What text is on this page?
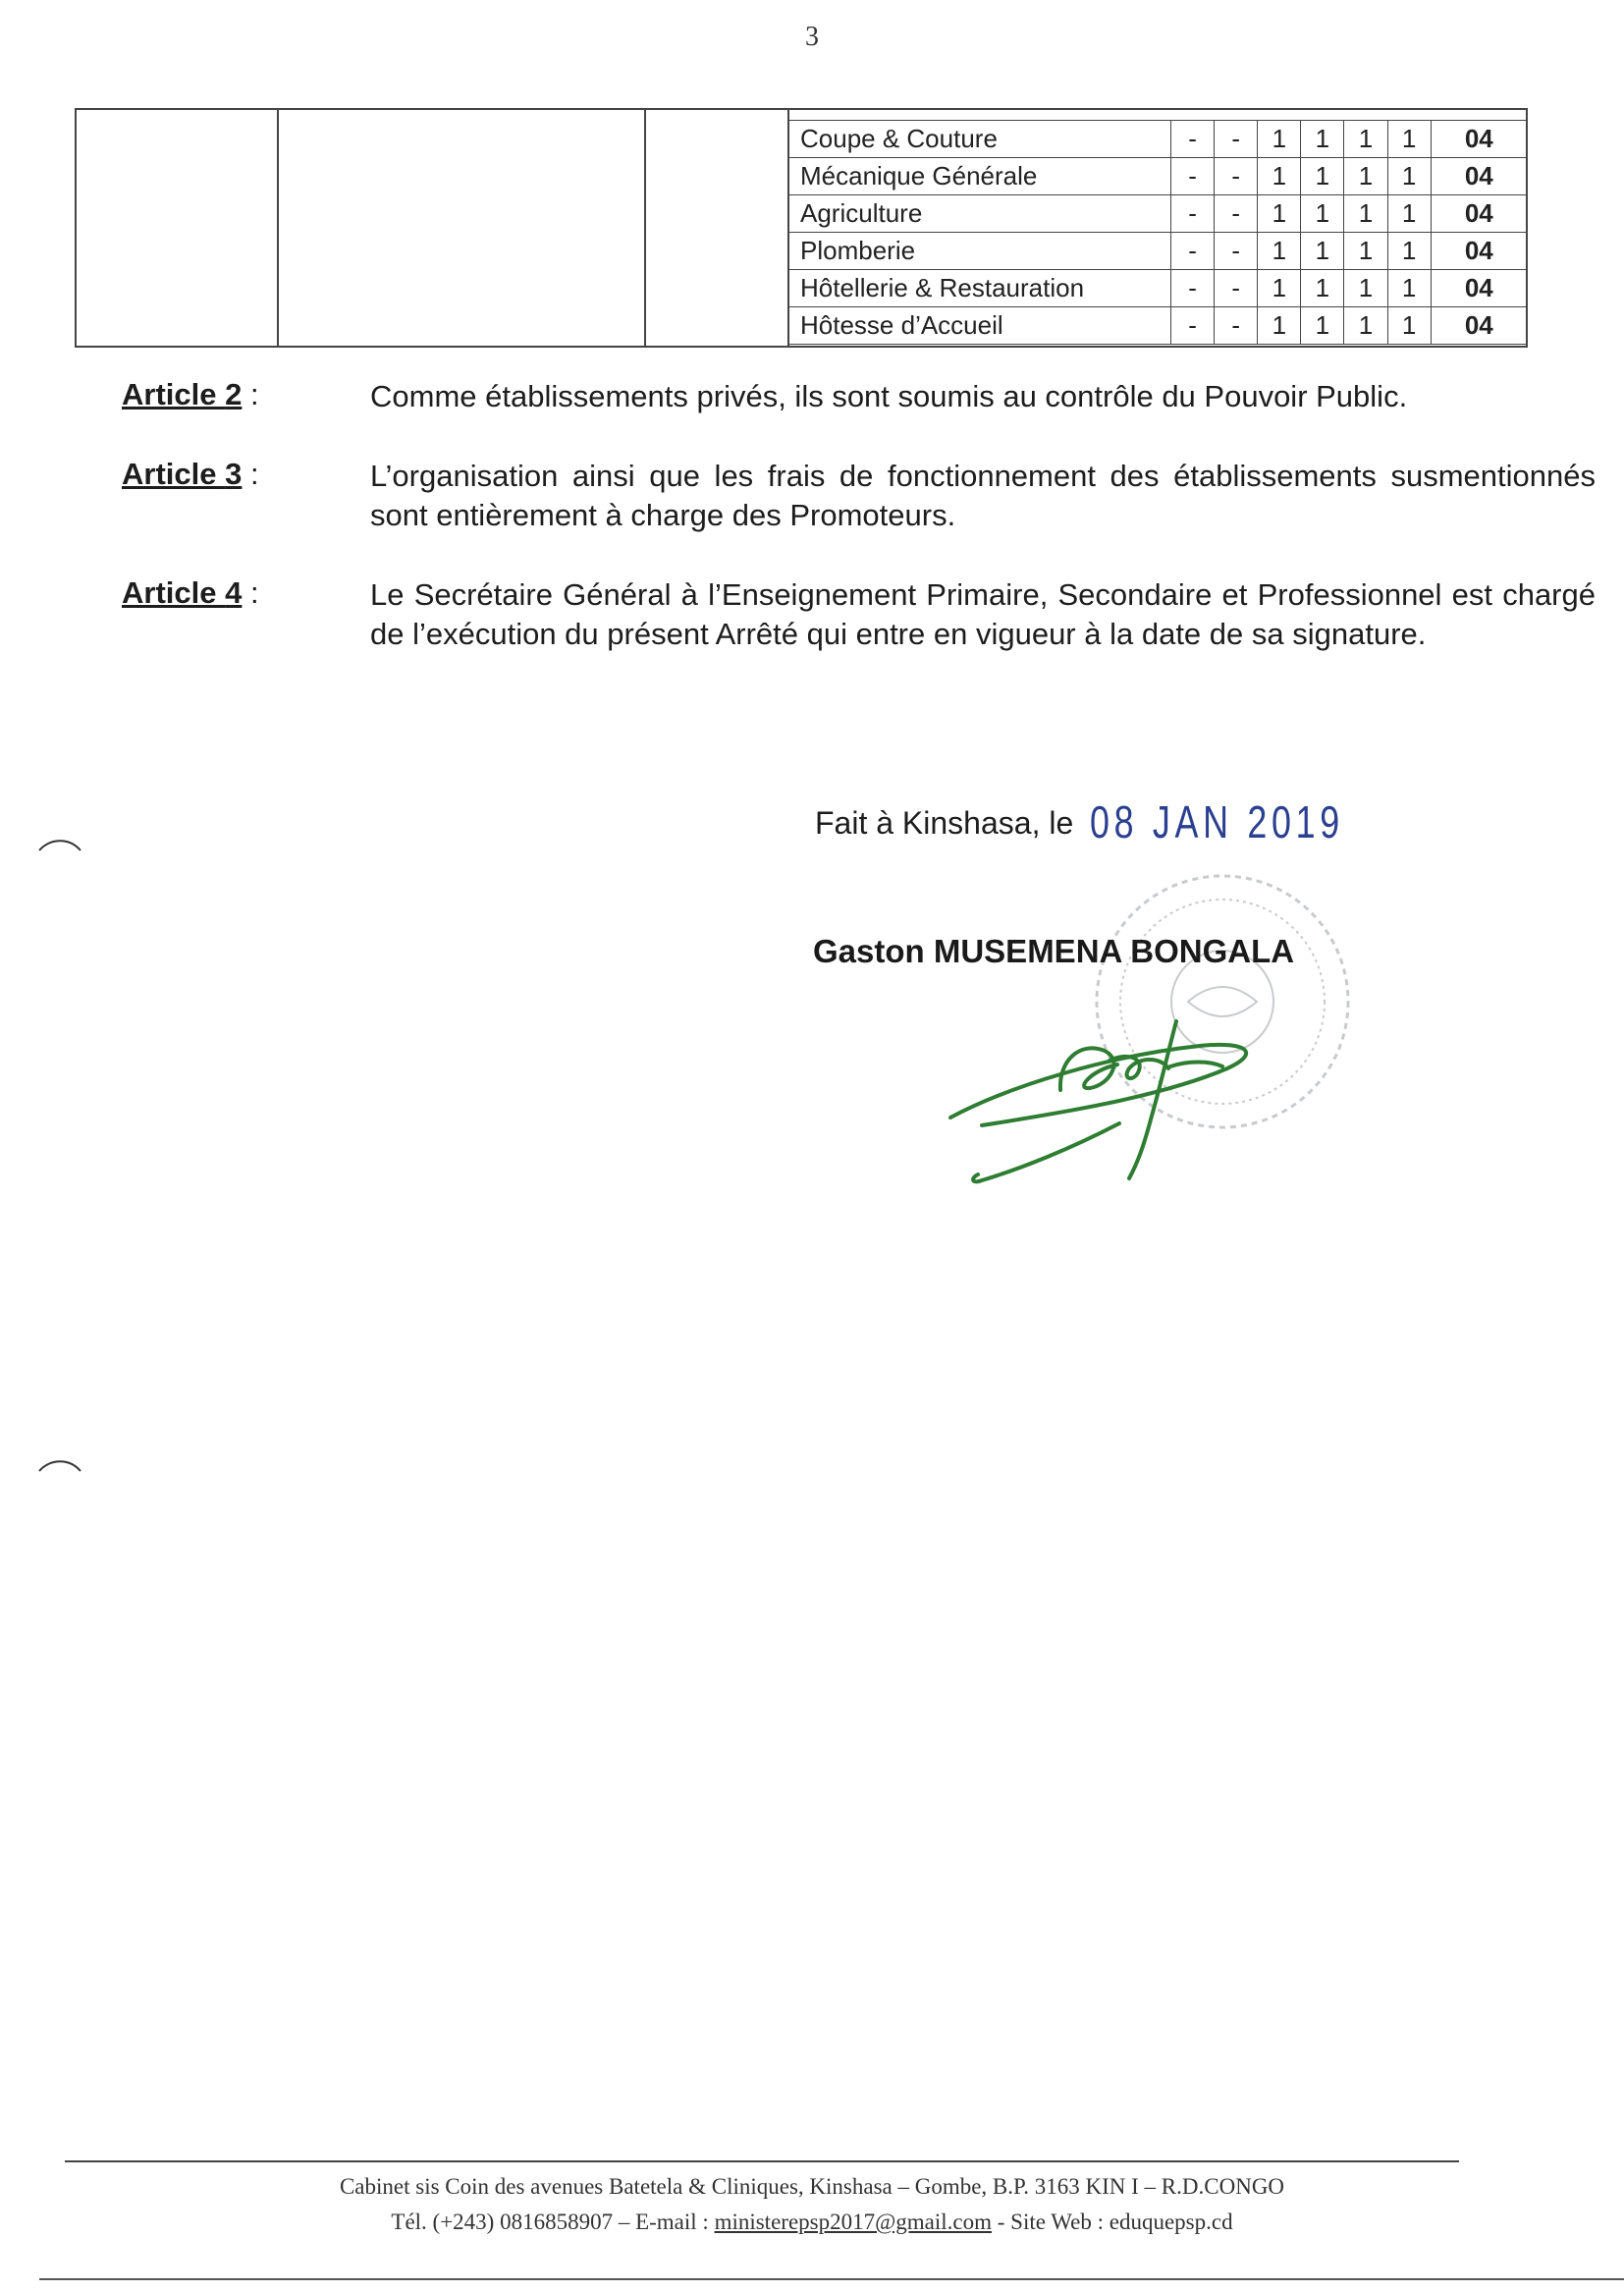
3
Coupe & Couture	-	-	1	1	1	1	04
Mécanique Générale	-	-	1	1	1	1	04
Agriculture	-	-	1	1	1	1	04
Plomberie	-	-	1	1	1	1	04
Hôtellerie & Restauration	-	-	1	1	1	1	04
Hôtesse d’Accueil	-	-	1	1	1	1	04
Article 2 :	Comme établissements privés, ils sont soumis au contrôle du Pouvoir Public.
Article 3 :	L’organisation ainsi que les frais de fonctionnement des établissements susmentionnés sont entièrement à charge des Promoteurs.
Article 4 :	Le Secrétaire Général à l’Enseignement Primaire, Secondaire et Professionnel est chargé de l’exécution du présent Arrêté qui entre en vigueur à la date de sa signature.
Fait à Kinshasa, le 08 JAN 2019
Gaston MUSEMENA BONGALA
Cabinet sis Coin des avenues Batetela & Cliniques, Kinshasa – Gombe, B.P. 3163 KIN I – R.D.CONGO
Tél. (+243) 0816858907 – E-mail : ministerepsp2017@gmail.com - Site Web : eduquepsp.cd
